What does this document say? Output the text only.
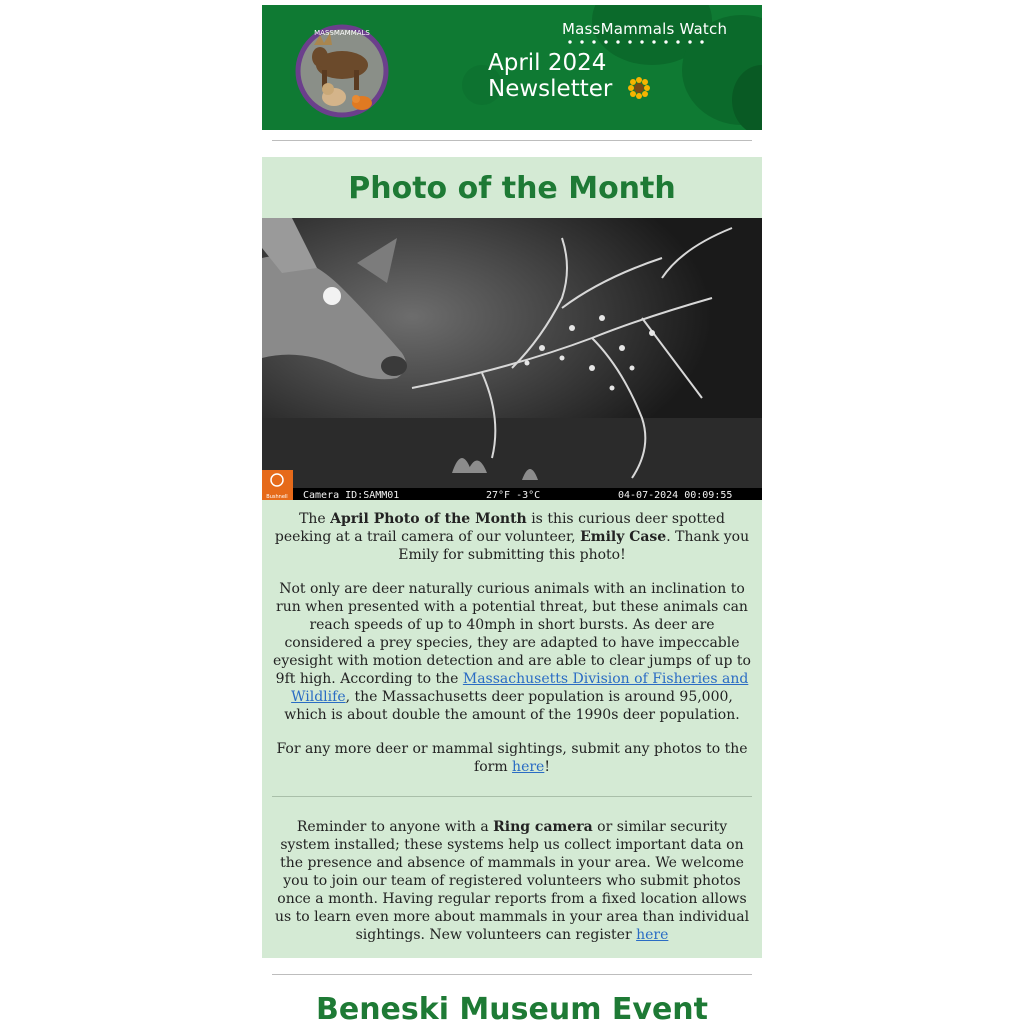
MASSMAMMALS	MassMammals Watch
April 2024
Newsletter
Photo of the Month
Bushnell Camera ID:SAMM01	27°F -3°C	04-07-2024 00:09:55

The April Photo of the Month is this curious deer spotted peeking at a trail camera of our volunteer, Emily Case. Thank you Emily for submitting this photo!

Not only are deer naturally curious animals with an inclination to run when presented with a potential threat, but these animals can reach speeds of up to 40mph in short bursts. As deer are considered a prey species, they are adapted to have impeccable eyesight with motion detection and are able to clear jumps of up to 9ft high. According to the Massachusetts Division of Fisheries and Wildlife, the Massachusetts deer population is around 95,000, which is about double the amount of the 1990s deer population.

For any more deer or mammal sightings, submit any photos to the form here!

Reminder to anyone with a Ring camera or similar security system installed; these systems help us collect important data on the presence and absence of mammals in your area. We welcome you to join our team of registered volunteers who submit photos once a month. Having regular reports from a fixed location allows us to learn even more about mammals in your area than individual sightings. New volunteers can register here

Beneski Museum Event
